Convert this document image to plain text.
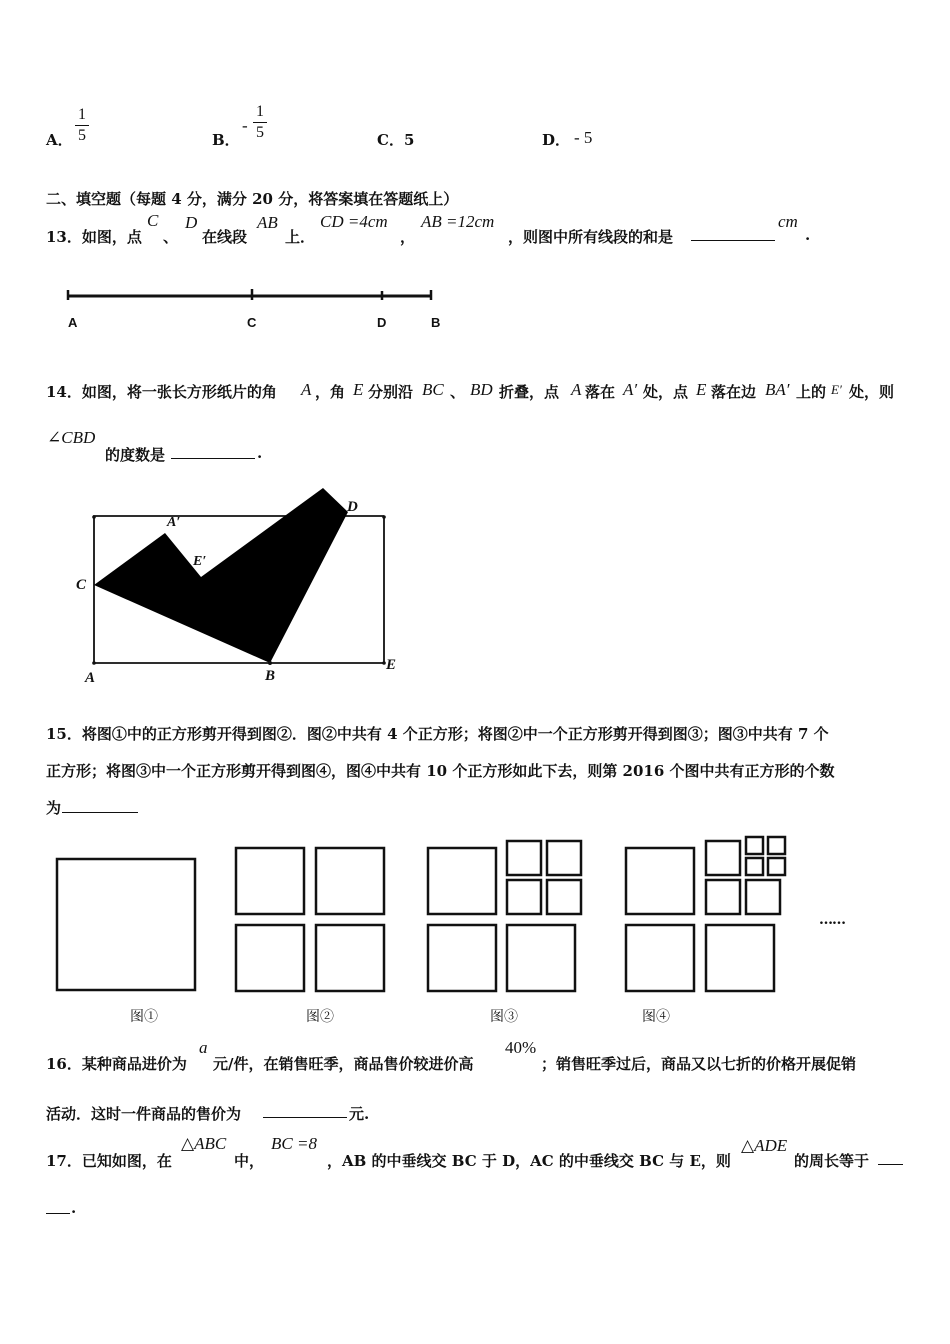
A．
1
5	B．
-
1
5	C．5	D． - 5
二、填空题（每题 4 分，满分 20 分，将答案填在答题纸上）
13．如图，点
C
、
D
在线段
AB
上．
CD =4cm
，
AB =12cm
，则图中所有线段的和是
cm
.
A	C	D	B
14．如图，将一张长方形纸片的角 A ，角 E 分别沿 BC 、 BD 折叠，点 A 落在 A′ 处，点 E 落在边 BA′ 上的 E′ 处，则
∠CBD
的度数是	.
C
A′
E′
D
A	B
E
15．将图①中的正方形剪开得到图②．图②中共有 4 个正方形；将图②中一个正方形剪开得到图③；图③中共有 7 个
正方形；将图③中一个正方形剪开得到图④，图④中共有 10 个正方形如此下去，则第 2016 个图中共有正方形的个数
为
……
图①	图②	图③	图④
16．某种商品进价为
a
元/件，在销售旺季，商品售价较进价高
40%
；销售旺季过后，商品又以七折的价格开展促销
活动．这时一件商品的售价为	元.
17．已知如图，在
△ABC
中，
BC =8
，AB 的中垂线交 BC 于 D，AC 的中垂线交 BC 与 E，则
△ADE
的周长等于
.
